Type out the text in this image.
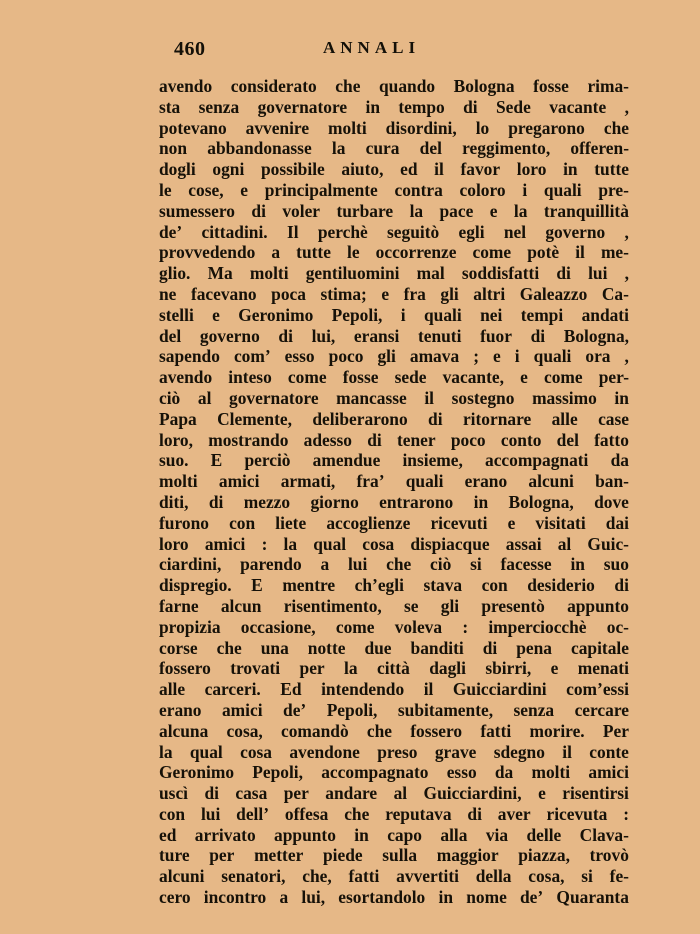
460	ANNALI
avendo considerato che quando Bologna fosse rima-
sta senza governatore in tempo di Sede vacante ,
potevano avvenire molti disordini, lo pregarono che
non abbandonasse la cura del reggimento, offeren-
dogli ogni possibile aiuto, ed il favor loro in tutte
le cose, e principalmente contra coloro i quali pre-
sumessero di voler turbare la pace e la tranquillità
de’ cittadini. Il perchè seguitò egli nel governo ,
provvedendo a tutte le occorrenze come potè il me-
glio. Ma molti gentiluomini mal soddisfatti di lui ,
ne facevano poca stima; e fra gli altri Galeazzo Ca-
stelli e Geronimo Pepoli, i quali nei tempi andati
del governo di lui, eransi tenuti fuor di Bologna,
sapendo com’ esso poco gli amava ; e i quali ora ,
avendo inteso come fosse sede vacante, e come per-
ciò al governatore mancasse il sostegno massimo in
Papa Clemente, deliberarono di ritornare alle case
loro, mostrando adesso di tener poco conto del fatto
suo. E perciò amendue insieme, accompagnati da
molti amici armati, fra’ quali erano alcuni ban-
diti, di mezzo giorno entrarono in Bologna, dove
furono con liete accoglienze ricevuti e visitati dai
loro amici : la qual cosa dispiacque assai al Guic-
ciardini, parendo a lui che ciò si facesse in suo
dispregio. E mentre ch’egli stava con desiderio di
farne alcun risentimento, se gli presentò appunto
propizia occasione, come voleva : imperciocchè oc-
corse che una notte due banditi di pena capitale
fossero trovati per la città dagli sbirri, e menati
alle carceri. Ed intendendo il Guicciardini com’essi
erano amici de’ Pepoli, subitamente, senza cercare
alcuna cosa, comandò che fossero fatti morire. Per
la qual cosa avendone preso grave sdegno il conte
Geronimo Pepoli, accompagnato esso da molti amici
uscì di casa per andare al Guicciardini, e risentirsi
con lui dell’ offesa che reputava di aver ricevuta :
ed arrivato appunto in capo alla via delle Clava-
ture per metter piede sulla maggior piazza, trovò
alcuni senatori, che, fatti avvertiti della cosa, si fe-
cero incontro a lui, esortandolo in nome de’ Quaranta
